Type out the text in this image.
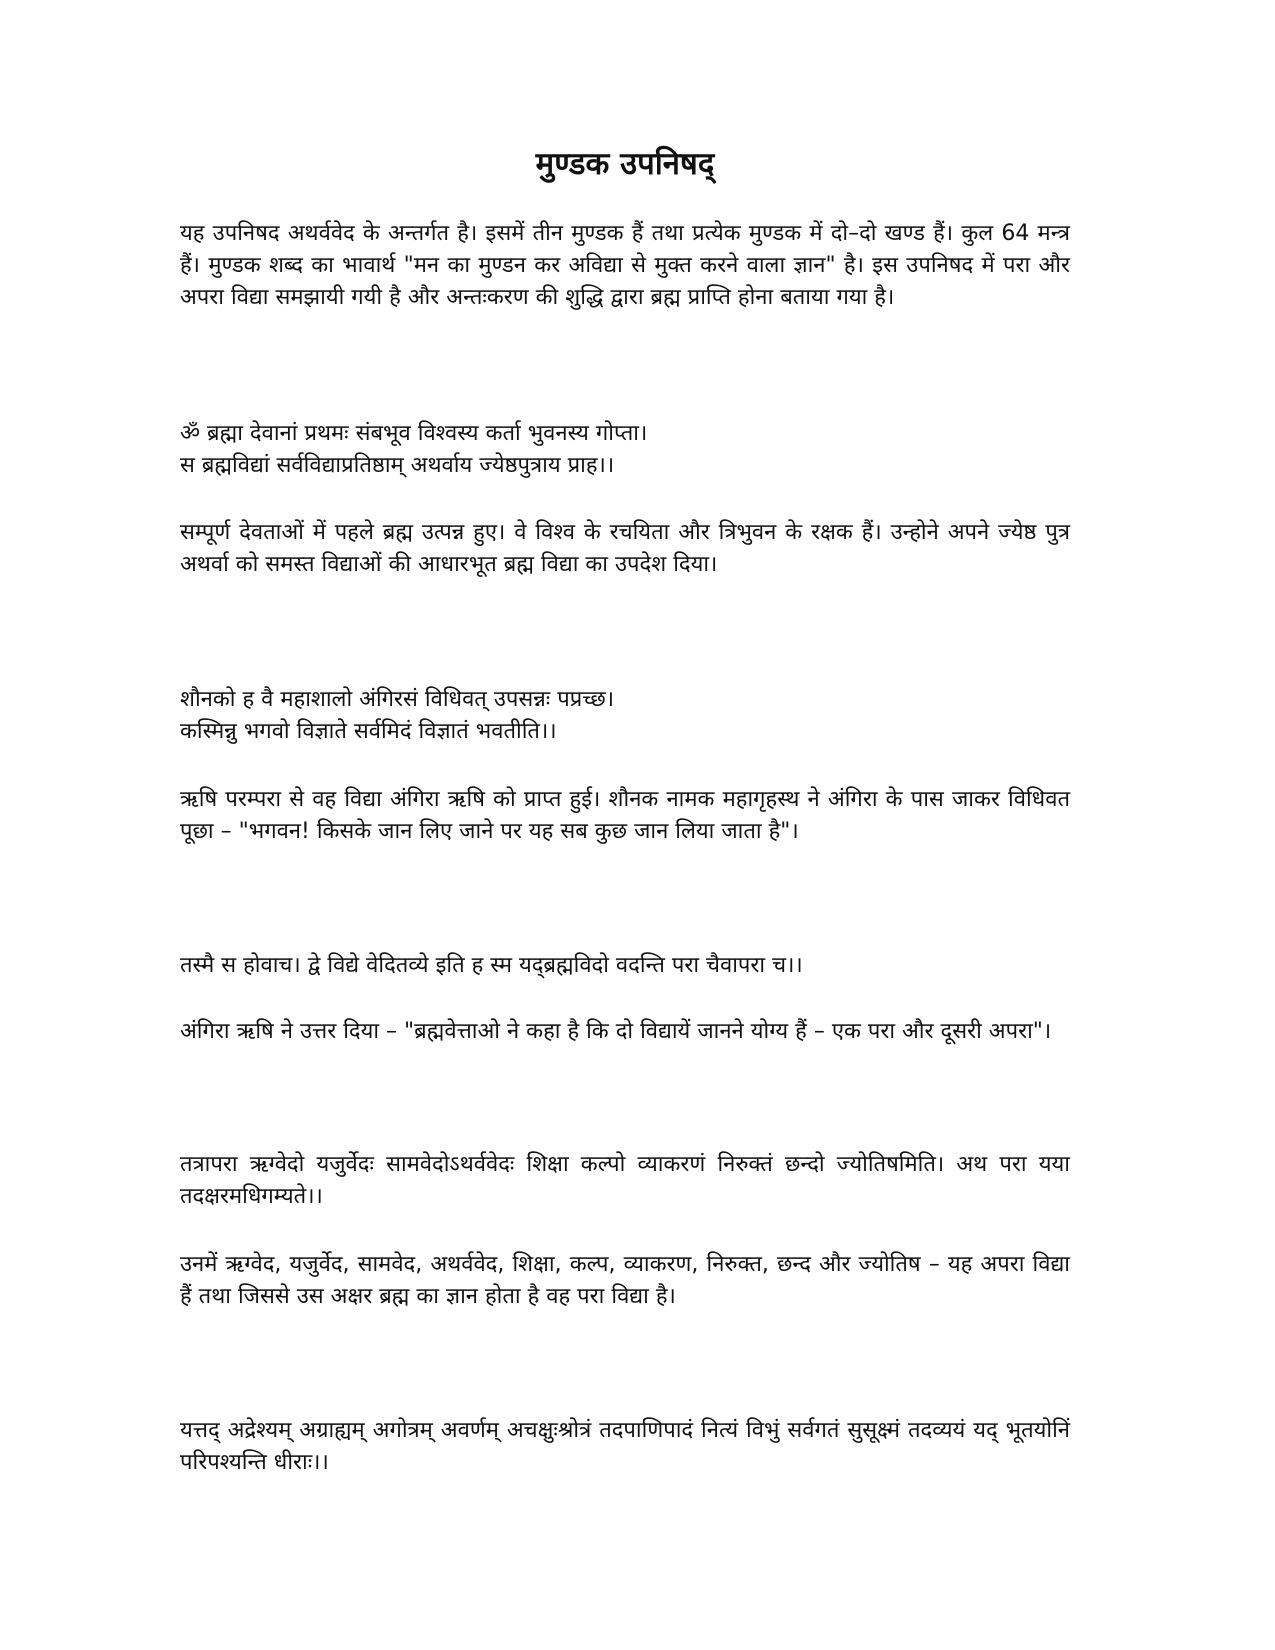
मुण्डक उपनिषद्

यह उपनिषद अथर्ववेद के अन्तर्गत है। इसमें तीन मुण्डक हैं तथा प्रत्येक मुण्डक में दो–दो खण्ड हैं। कुल 64 मन्त्र हैं। मुण्डक शब्द का भावार्थ "मन का मुण्डन कर अविद्या से मुक्त करने वाला ज्ञान" है। इस उपनिषद में परा और अपरा विद्या समझायी गयी है और अन्तःकरण की शुद्धि द्वारा ब्रह्म प्राप्ति होना बताया गया है।

ॐ ब्रह्मा देवानां प्रथमः संबभूव विश्वस्य कर्ता भुवनस्य गोप्ता।
स ब्रह्मविद्यां सर्वविद्याप्रतिष्ठाम् अथर्वाय ज्येष्ठपुत्राय प्राह।।

सम्पूर्ण देवताओं में पहले ब्रह्म उत्पन्न हुए। वे विश्व के रचयिता और त्रिभुवन के रक्षक हैं। उन्होने अपने ज्येष्ठ पुत्र अथर्वा को समस्त विद्याओं की आधारभूत ब्रह्म विद्या का उपदेश दिया।

शौनको ह वै महाशालो अंगिरसं विधिवत् उपसन्नः पप्रच्छ।
कस्मिन्नु भगवो विज्ञाते सर्वमिदं विज्ञातं भवतीति।।

ऋषि परम्परा से वह विद्या अंगिरा ऋषि को प्राप्त हुई। शौनक नामक महागृहस्थ ने अंगिरा के पास जाकर विधिवत पूछा – "भगवन! किसके जान लिए जाने पर यह सब कुछ जान लिया जाता है"।

तस्मै स होवाच। द्वे विद्ये वेदितव्ये इति ह स्म यद्ब्रह्मविदो वदन्ति परा चैवापरा च।।

अंगिरा ऋषि ने उत्तर दिया – "ब्रह्मवेत्ताओ ने कहा है कि दो विद्यायें जानने योग्य हैं – एक परा और दूसरी अपरा"।

तत्रापरा ऋग्वेदो यजुर्वेदः सामवेदोऽथर्ववेदः शिक्षा कल्पो व्याकरणं निरुक्तं छन्दो ज्योतिषमिति। अथ परा यया तदक्षरमधिगम्यते।।

उनमें ऋग्वेद, यजुर्वेद, सामवेद, अथर्ववेद, शिक्षा, कल्प, व्याकरण, निरुक्त, छन्द और ज्योतिष – यह अपरा विद्या हैं तथा जिससे उस अक्षर ब्रह्म का ज्ञान होता है वह परा विद्या है।

यत्तद् अद्रेश्यम् अग्राह्यम् अगोत्रम् अवर्णम् अचक्षुःश्रोत्रं तदपाणिपादं नित्यं विभुं सर्वगतं सुसूक्ष्मं तदव्ययं यद् भूतयोनिं परिपश्यन्ति धीराः।।
